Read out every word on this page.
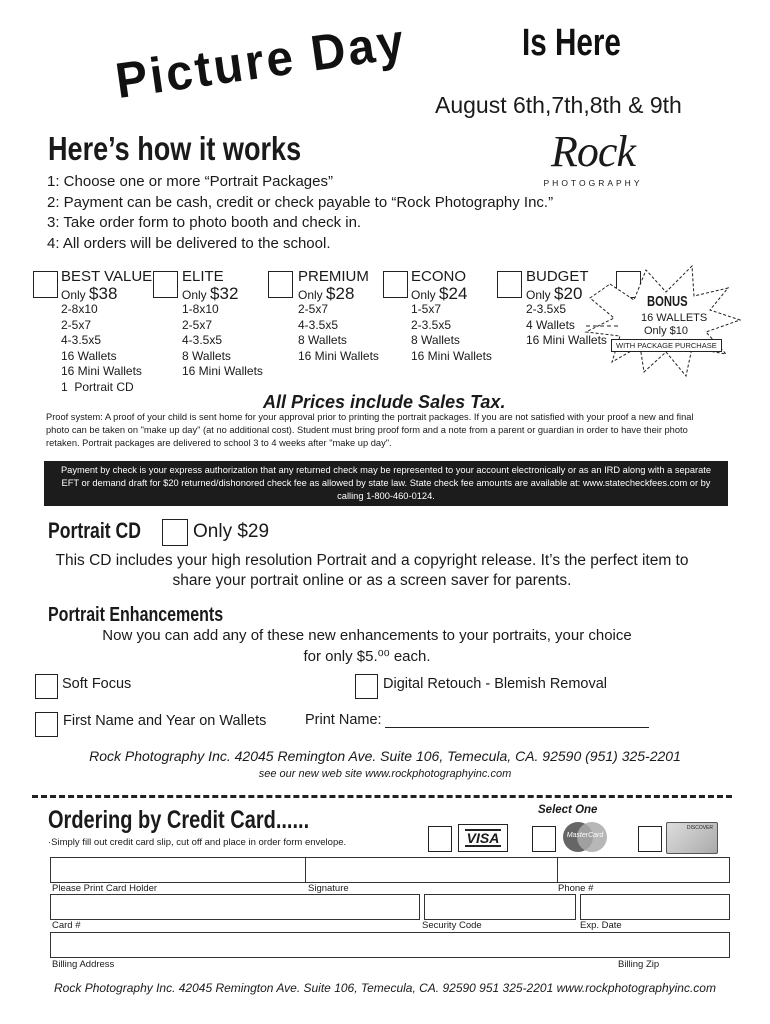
Picture Day	Is Here
August 6th,7th,8th & 9th
Here’s how it works	Rock
PHOTOGRAPHY
1: Choose one or more “Portrait Packages”
2: Payment can be cash, credit or check payable to “Rock Photography Inc.”
3: Take order form to photo booth and check in.
4: All orders will be delivered to the school.
BEST VALUE
Only $38
2-8x10
2-5x7
4-3.5x5
16 Wallets
16 Mini Wallets
1  Portrait CD
ELITE
Only $32
1-8x10
2-5x7
4-3.5x5
8 Wallets
16 Mini Wallets
PREMIUM
Only $28
2-5x7
4-3.5x5
8 Wallets
16 Mini Wallets
ECONO
Only $24
1-5x7
2-3.5x5
8 Wallets
16 Mini Wallets
BUDGET
Only $20
2-3.5x5
4 Wallets
16 Mini Wallets
BONUS
16 WALLETS
Only $10
WITH PACKAGE PURCHASE
All Prices include Sales Tax.
Proof system: A proof of your child is sent home for your approval prior to printing the portrait packages. If you are not satisfied with your proof a new and final photo can be taken on "make up day" (at no additional cost). Student must bring proof form and a note from a parent or guardian in order to have their photo retaken. Portrait packages are delivered to school 3 to 4 weeks after "make up day".
Payment by check is your express authorization that any returned check may be represented to your account electronically or as an IRD along with a separate EFT or demand draft for $20 returned/dishonored check fee as allowed by state law. State check fee amounts are available at: www.statecheckfees.com or by calling 1-800-460-0124.
Portrait CD	Only $29
This CD includes your high resolution Portrait and a copyright release. It’s the perfect item to share your portrait online or as a screen saver for parents.
Portrait Enhancements
Now you can add any of these new enhancements to your portraits, your choice
for only $5.⁰⁰ each.
Soft Focus	Digital Retouch - Blemish Removal
First Name and Year on Wallets	Print Name:
Rock Photography Inc. 42045 Remington Ave. Suite 106, Temecula, CA. 92590 (951) 325-2201
see our new web site www.rockphotographyinc.com
Ordering by Credit Card......
·Simply fill out credit card slip, cut off and place in order form envelope.
Select One
VISA	MasterCard
DISCOVER
Please Print Card Holder	Signature	Phone #
Card #	Security Code	Exp. Date
Billing Address	Billing Zip
Rock Photography Inc. 42045 Remington Ave. Suite 106, Temecula, CA. 92590 951 325-2201 www.rockphotographyinc.com
